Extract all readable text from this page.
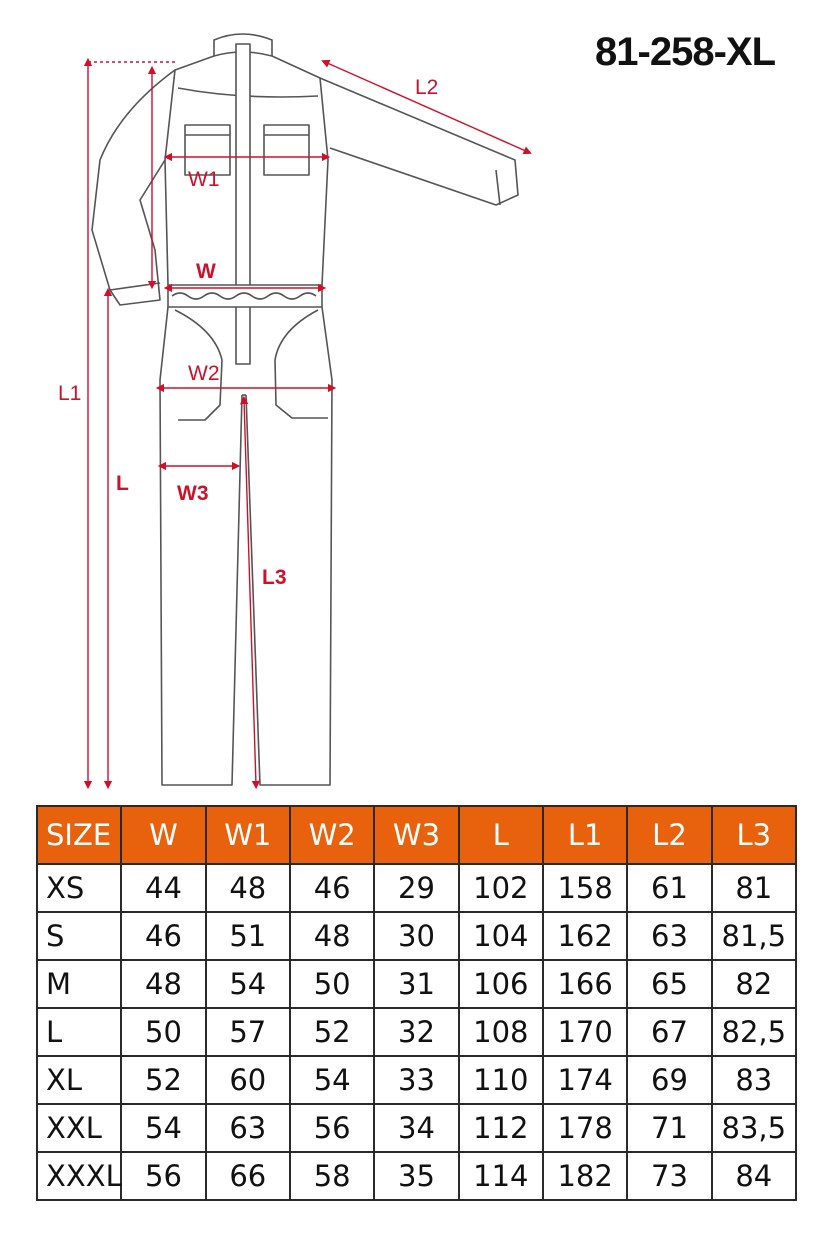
81-258-XL
W1
W
W2
W3
L
L1
L2
L3
SIZE	W	W1	W2	W3	L	L1	L2	L3
XS	44	48	46	29	102	158	61	81
S	46	51	48	30	104	162	63	81,5
M	48	54	50	31	106	166	65	82
L	50	57	52	32	108	170	67	82,5
XL	52	60	54	33	110	174	69	83
XXL	54	63	56	34	112	178	71	83,5
XXXL	56	66	58	35	114	182	73	84
